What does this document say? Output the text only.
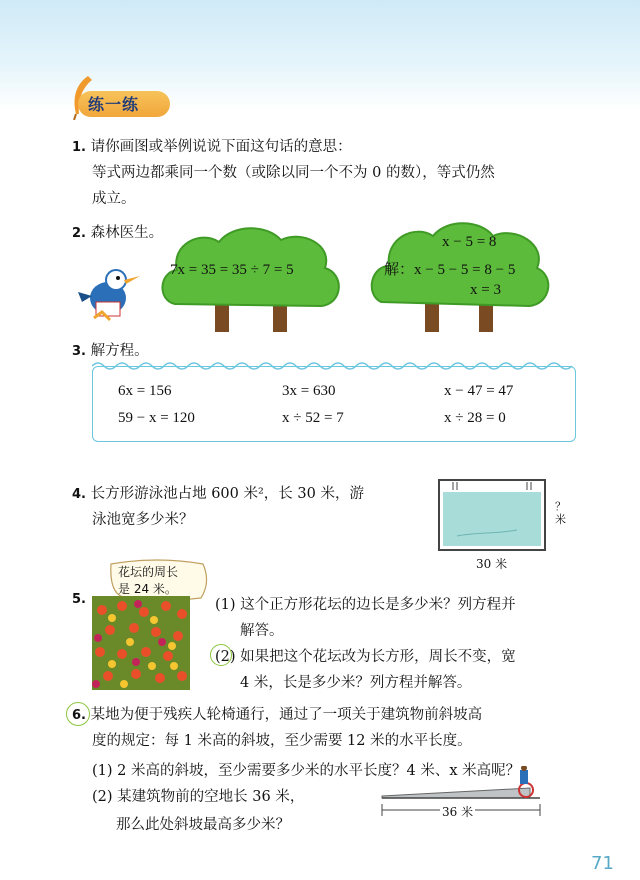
练一练
1. 请你画图或举例说说下面这句话的意思：
等式两边都乘同一个数（或除以同一个不为 0 的数），等式仍然
成立。
2. 森林医生。
7x = 35 = 35 ÷ 7 = 5
x − 5 = 8
解：x − 5 − 5 = 8 − 5
x = 3
3. 解方程。
6x = 156	3x = 630	x − 47 = 47
59 − x = 120	x ÷ 52 = 7	x ÷ 28 = 0
4. 长方形游泳池占地 600 米²，长 30 米，游
泳池宽多少米？
30 米
？米
5.
花坛的周长
是 24 米。
(1) 这个正方形花坛的边长是多少米？列方程并
解答。
(2) 如果把这个花坛改为长方形，周长不变，宽
4 米，长是多少米？列方程并解答。
6. 某地为便于残疾人轮椅通行，通过了一项关于建筑物前斜坡高
度的规定：每 1 米高的斜坡，至少需要 12 米的水平长度。
(1) 2 米高的斜坡，至少需要多少米的水平长度？4 米、x 米高呢？
(2) 某建筑物前的空地长 36 米，
那么此处斜坡最高多少米？
36 米
71
